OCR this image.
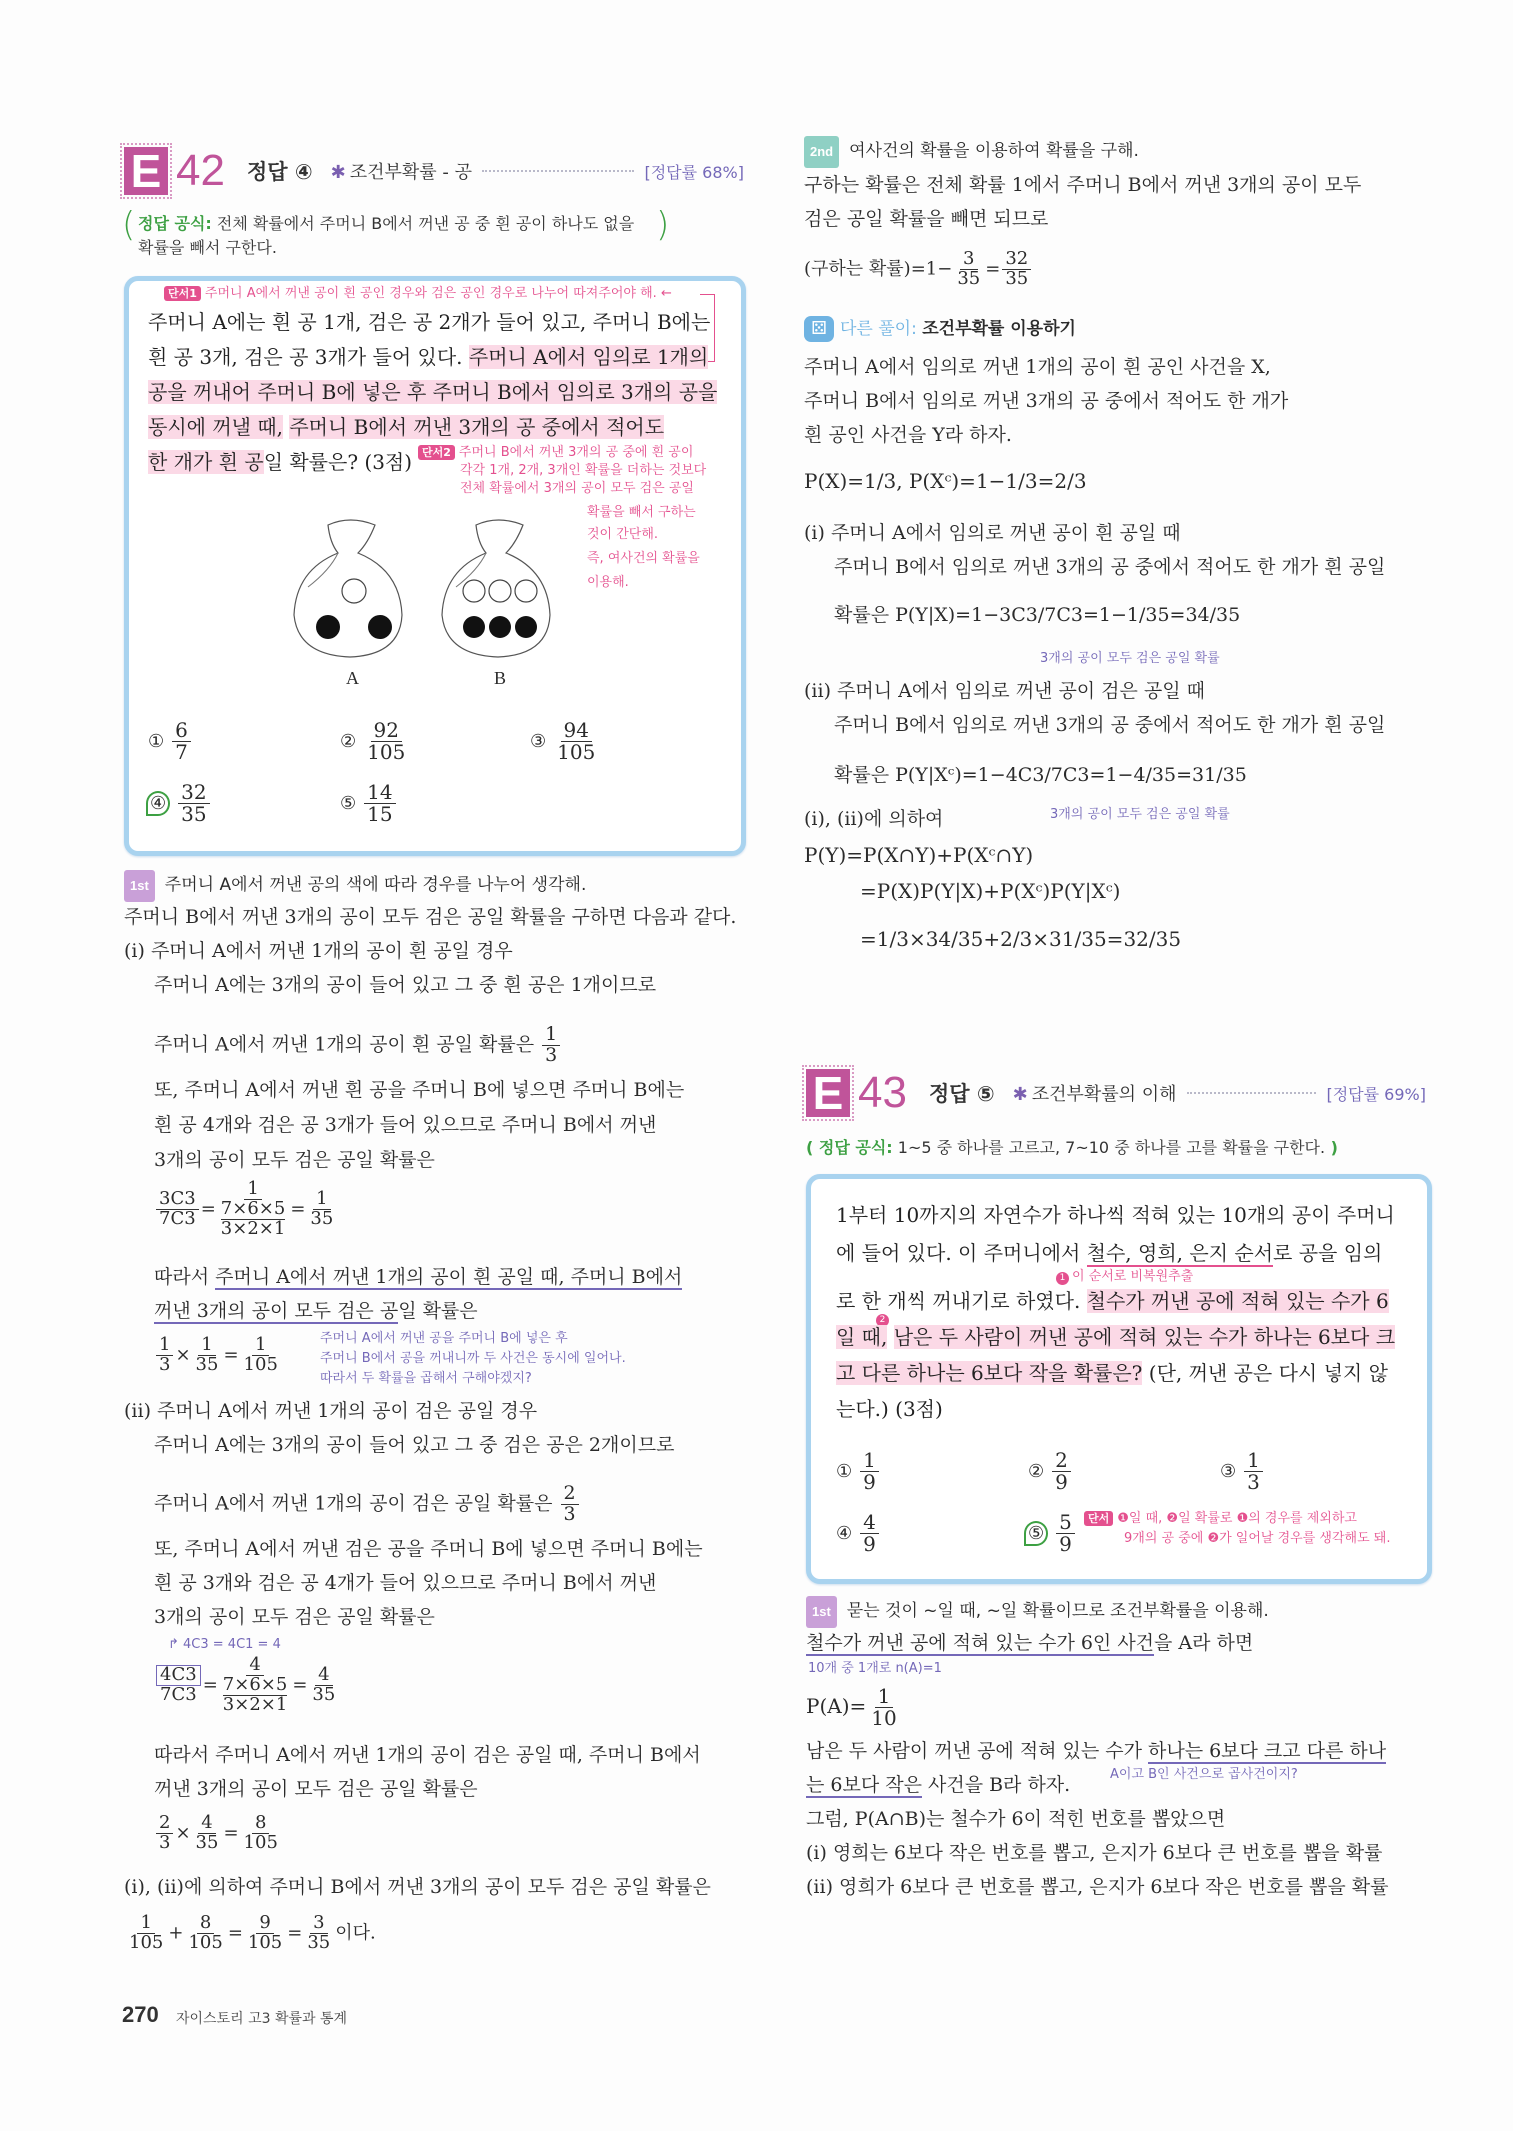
E 42 정답 ④ ✱ 조건부확률 - 공	[정답률 68%]
( 정답 공식: 전체 확률에서 주머니 B에서 꺼낸 공 중 흰 공이 하나도 없을
확률을 빼서 구한다.
)
단서1 주머니 A에서 꺼낸 공이 흰 공인 경우와 검은 공인 경우로 나누어 따져주어야 해. ←
주머니 A에는 흰 공 1개, 검은 공 2개가 들어 있고, 주머니 B에는
흰 공 3개, 검은 공 3개가 들어 있다. 주머니 A에서 임의로 1개의
공을 꺼내어 주머니 B에 넣은 후 주머니 B에서 임의로 3개의 공을
동시에 꺼낼 때, 주머니 B에서 꺼낸 3개의 공 중에서 적어도
한 개가 흰 공일 확률은? (3점) 단서2 주머니 B에서 꺼낸 3개의 공 중에 흰 공이
각각 1개, 2개, 3개인 확률을 더하는 것보다
전체 확률에서 3개의 공이 모두 검은 공일
확률을 빼서 구하는
것이 간단해.
즉, 여사건의 확률을
이용해.
A	B
① $\frac{6}{7}$	② $\frac{92}{105}$	③ $\frac{94}{105}$
④ $\frac{32}{35}$	⑤ $\frac{14}{15}$
1st 주머니 A에서 꺼낸 공의 색에 따라 경우를 나누어 생각해.
주머니 B에서 꺼낸 3개의 공이 모두 검은 공일 확률을 구하면 다음과 같다.
(i) 주머니 A에서 꺼낸 1개의 공이 흰 공일 경우
주머니 A에는 3개의 공이 들어 있고 그 중 흰 공은 1개이므로
주머니 A에서 꺼낸 1개의 공이 흰 공일 확률은 $\frac{1}{3}$
또, 주머니 A에서 꺼낸 흰 공을 주머니 B에 넣으면 주머니 B에는
흰 공 4개와 검은 공 3개가 들어 있으므로 주머니 B에서 꺼낸
3개의 공이 모두 검은 공일 확률은
$\frac{3C3}{7C3} = 1$
7×6×5
$3\times 2\times 1 = \frac{1}{35}$
따라서 주머니 A에서 꺼낸 1개의 공이 흰 공일 때, 주머니 B에서
꺼낸 3개의 공이 모두 검은 공일 확률은
$\frac{1}{3} \times \frac{1}{35} = \frac{1}{105}$	주머니 A에서 꺼낸 공을 주머니 B에 넣은 후
주머니 B에서 공을 꺼내니까 두 사건은 동시에 일어나.
따라서 두 확률을 곱해서 구해야겠지?
(ii) 주머니 A에서 꺼낸 1개의 공이 검은 공일 경우
주머니 A에는 3개의 공이 들어 있고 그 중 검은 공은 2개이므로
주머니 A에서 꺼낸 1개의 공이 검은 공일 확률은 $\frac{2}{3}$
또, 주머니 A에서 꺼낸 검은 공을 주머니 B에 넣으면 주머니 B에는
흰 공 3개와 검은 공 4개가 들어 있으므로 주머니 B에서 꺼낸
3개의 공이 모두 검은 공일 확률은
↱ 4C3 = 4C1 = 4
$\frac{4C3}{7C3} = 4$
7×6×5
$3\times 2\times 1 = \frac{4}{35}$
따라서 주머니 A에서 꺼낸 1개의 공이 검은 공일 때, 주머니 B에서
꺼낸 3개의 공이 모두 검은 공일 확률은
$\frac{2}{3} \times \frac{4}{35} = \frac{8}{105}$
(i), (ii)에 의하여 주머니 B에서 꺼낸 3개의 공이 모두 검은 공일 확률은
$\frac{1}{105} + \frac{8}{105} = \frac{9}{105} = \frac{3}{35}$ 이다.
2nd 여사건의 확률을 이용하여 확률을 구해.
구하는 확률은 전체 확률 1에서 주머니 B에서 꺼낸 3개의 공이 모두
검은 공일 확률을 빼면 되므로
(구하는 확률)$=1- \frac{3}{35} = \frac{32}{35}$
⚄ 다른 풀이: 조건부확률 이용하기
주머니 A에서 임의로 꺼낸 1개의 공이 흰 공인 사건을 X,
주머니 B에서 임의로 꺼낸 3개의 공 중에서 적어도 한 개가
흰 공인 사건을 Y라 하자.
P(X)=1/3, P(Xᶜ)=1−1/3=2/3
(i) 주머니 A에서 임의로 꺼낸 공이 흰 공일 때
주머니 B에서 임의로 꺼낸 3개의 공 중에서 적어도 한 개가 흰 공일
확률은 P(Y|X)=1−3C3/7C3=1−1/35=34/35
3개의 공이 모두 검은 공일 확률
(ii) 주머니 A에서 임의로 꺼낸 공이 검은 공일 때
주머니 B에서 임의로 꺼낸 3개의 공 중에서 적어도 한 개가 흰 공일
확률은 P(Y|Xᶜ)=1−4C3/7C3=1−4/35=31/35
(i), (ii)에 의하여	3개의 공이 모두 검은 공일 확률
P(Y)=P(X∩Y)+P(Xᶜ∩Y)
=P(X)P(Y|X)+P(Xᶜ)P(Y|Xᶜ)
=1/3×34/35+2/3×31/35=32/35
E 43 정답 ⑤ ✱ 조건부확률의 이해	[정답률 69%]
( 정답 공식: 1~5 중 하나를 고르고, 7~10 중 하나를 고를 확률을 구한다. )
1부터 10까지의 자연수가 하나씩 적혀 있는 10개의 공이 주머니
에 들어 있다. 이 주머니에서 철수, 영희, 은지 순서로 공을 임의
1 이 순서로 비복원추출
로 한 개씩 꺼내기로 하였다. 철수가 꺼낸 공에 적혀 있는 수가 6
2
일 때, 남은 두 사람이 꺼낸 공에 적혀 있는 수가 하나는 6보다 크
고 다른 하나는 6보다 작을 확률은? (단, 꺼낸 공은 다시 넣지 않
는다.) (3점)
① $\frac{1}{9}$	② $\frac{2}{9}$	③ $\frac{1}{3}$
④ $\frac{4}{9}$	⑤ $\frac{5}{9}$	단서 ❶일 때, ❷일 확률로 ❶의 경우를 제외하고
9개의 공 중에 ❷가 일어날 경우를 생각해도 돼.
1st 묻는 것이 ~일 때, ~일 확률이므로 조건부확률을 이용해.
철수가 꺼낸 공에 적혀 있는 수가 6인 사건을 A라 하면
10개 중 1개로 n(A)=1
$P(A)= \frac{1}{10}$
남은 두 사람이 꺼낸 공에 적혀 있는 수가 하나는 6보다 크고 다른 하나
는 6보다 작은 사건을 B라 하자.	A이고 B인 사건으로 곱사건이지?
그럼, P(A∩B)는 철수가 6이 적힌 번호를 뽑았으면
(i) 영희는 6보다 작은 번호를 뽑고, 은지가 6보다 큰 번호를 뽑을 확률
(ii) 영희가 6보다 큰 번호를 뽑고, 은지가 6보다 작은 번호를 뽑을 확률
270 자이스토리 고3 확률과 통계
